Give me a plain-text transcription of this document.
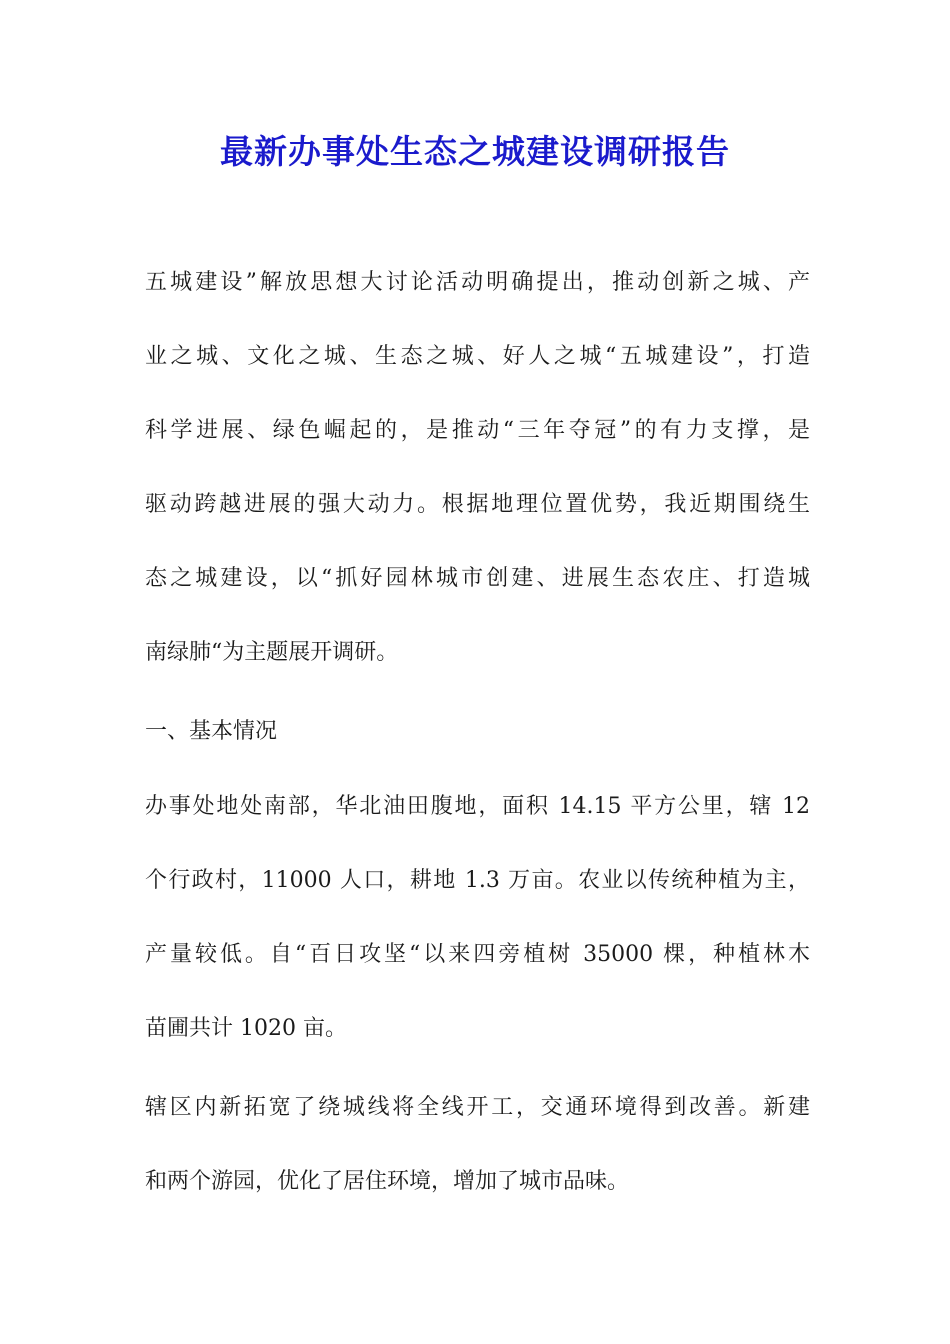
最新办事处生态之城建设调研报告
五城建设”解放思想大讨论活动明确提出，推动创新之城、产
业之城、文化之城、生态之城、好人之城“五城建设”，打造
科学进展、绿色崛起的，是推动“三年夺冠”的有力支撑，是
驱动跨越进展的强大动力。根据地理位置优势，我近期围绕生
态之城建设，以“抓好园林城市创建、进展生态农庄、打造城
南绿肺“为主题展开调研。
一、基本情况
办事处地处南部，华北油田腹地，面积 14.15 平方公里，辖 12
个行政村，11000 人口，耕地 1.3 万亩。农业以传统种植为主，
产量较低。自“百日攻坚“以来四旁植树 35000 棵，种植林木
苗圃共计 1020 亩。
辖区内新拓宽了绕城线将全线开工，交通环境得到改善。新建
和两个游园，优化了居住环境，增加了城市品味。
